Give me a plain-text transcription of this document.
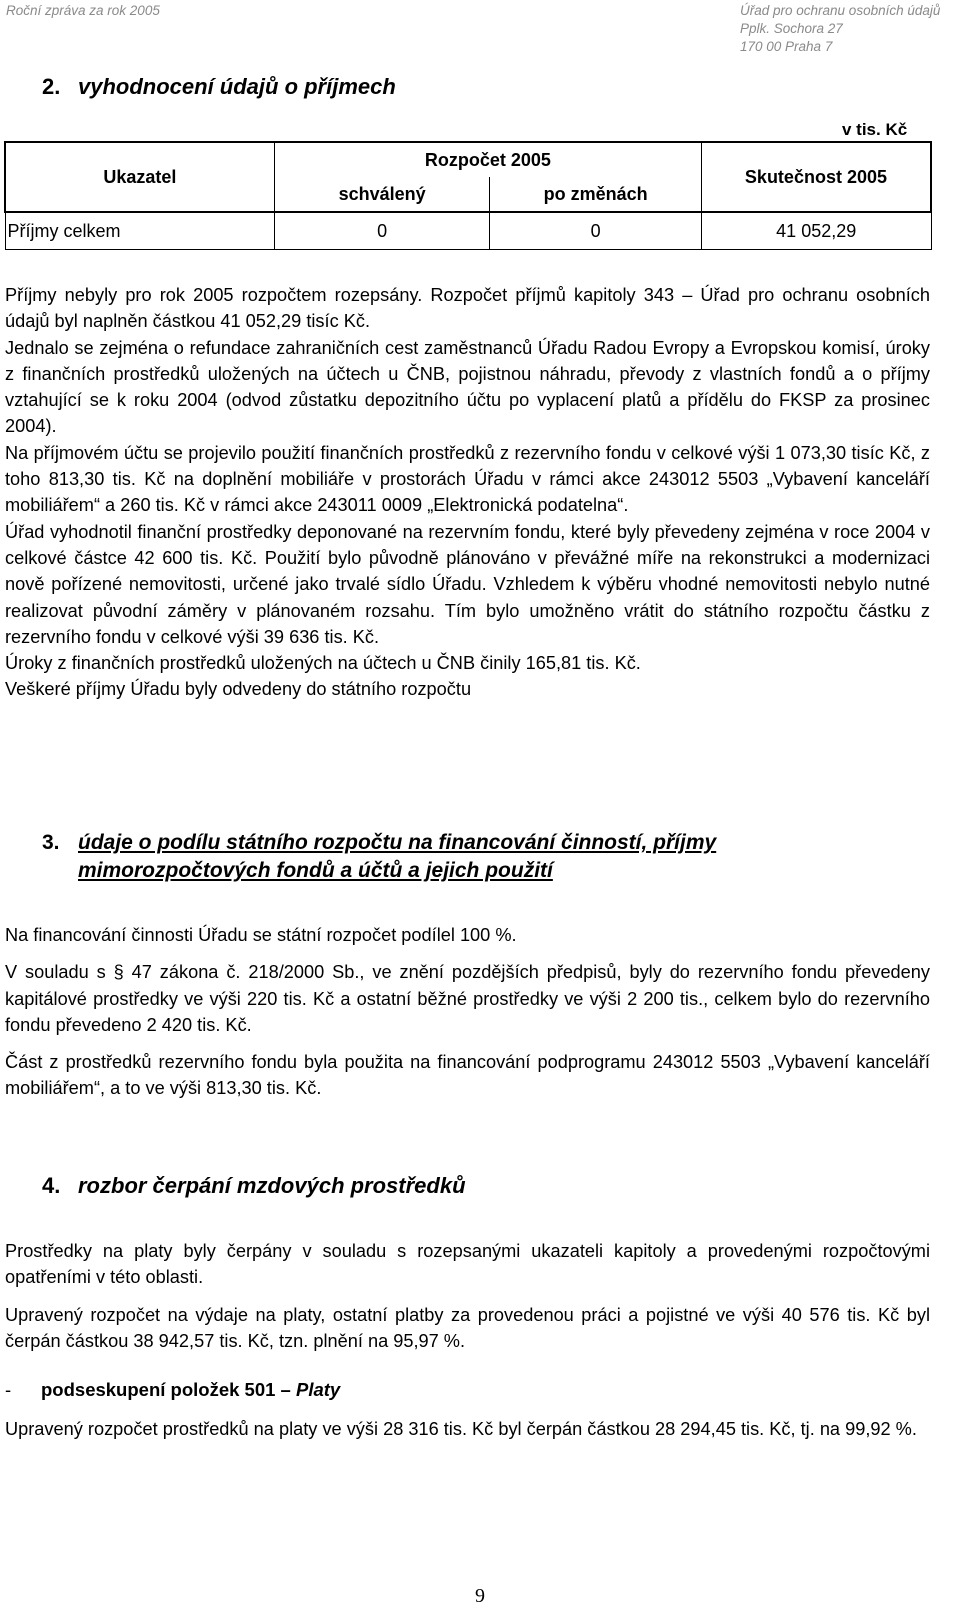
Roční zpráva za rok 2005	Úřad pro ochranu osobních údajů
Pplk. Sochora 27
170 00 Praha 7
2. vyhodnocení údajů o příjmech
v tis. Kč
Ukazatel	Rozpočet 2005		Skutečnost 2005
	schválený	po změnách	
Příjmy celkem	0	0	41 052,29

Příjmy nebyly pro rok 2005 rozpočtem rozepsány. Rozpočet příjmů kapitoly 343 – Úřad pro ochranu osobních údajů byl naplněn částkou 41 052,29 tisíc Kč.

Jednalo se zejména o refundace zahraničních cest zaměstnanců Úřadu Radou Evropy a Evropskou komisí, úroky z finančních prostředků uložených na účtech u ČNB, pojistnou náhradu, převody z vlastních fondů a o příjmy vztahující se k roku 2004 (odvod zůstatku depozitního účtu po vyplacení platů a přídělu do FKSP za prosinec 2004).

Na příjmovém účtu se projevilo použití finančních prostředků z rezervního fondu v celkové výši 1 073,30 tisíc Kč, z toho 813,30 tis. Kč na doplnění mobiliáře v prostorách Úřadu v rámci akce 243012 5503 „Vybavení kanceláří mobiliářem“ a 260 tis. Kč v rámci akce 243011 0009 „Elektronická podatelna“.

Úřad vyhodnotil finanční prostředky deponované na rezervním fondu, které byly převedeny zejména v roce 2004 v celkové částce 42 600 tis. Kč. Použití bylo původně plánováno v převážné míře na rekonstrukci a modernizaci nově pořízené nemovitosti, určené jako trvalé sídlo Úřadu. Vzhledem k výběru vhodné nemovitosti nebylo nutné realizovat původní záměry v plánovaném rozsahu. Tím bylo umožněno vrátit do státního rozpočtu částku z rezervního fondu v celkové výši 39 636 tis. Kč.

Úroky z finančních prostředků uložených na účtech u ČNB činily 165,81 tis. Kč.

Veškeré příjmy Úřadu byly odvedeny do státního rozpočtu

3. údaje o podílu státního rozpočtu na financování činností, příjmy
mimorozpočtových fondů a účtů a jejich použití

Na financování činnosti Úřadu se státní rozpočet podílel 100 %.

V souladu s § 47 zákona č. 218/2000 Sb., ve znění pozdějších předpisů, byly do rezervního fondu převedeny kapitálové prostředky ve výši 220 tis. Kč a ostatní běžné prostředky ve výši 2 200 tis., celkem bylo do rezervního fondu převedeno 2 420 tis. Kč.

Část z prostředků rezervního fondu byla použita na financování podprogramu 243012 5503 „Vybavení kanceláří mobiliářem“, a to ve výši 813,30 tis. Kč.

4. rozbor čerpání mzdových prostředků

Prostředky na platy byly čerpány v souladu s rozepsanými ukazateli kapitoly a provedenými rozpočtovými opatřeními v této oblasti.

Upravený rozpočet na výdaje na platy, ostatní platby za provedenou práci a pojistné ve výši 40 576 tis. Kč byl čerpán částkou 38 942,57 tis. Kč, tzn. plnění na 95,97 %.

- podseskupení položek 501 – Platy

Upravený rozpočet prostředků na platy ve výši 28 316 tis. Kč byl čerpán částkou 28 294,45 tis. Kč, tj. na 99,92 %.

9
